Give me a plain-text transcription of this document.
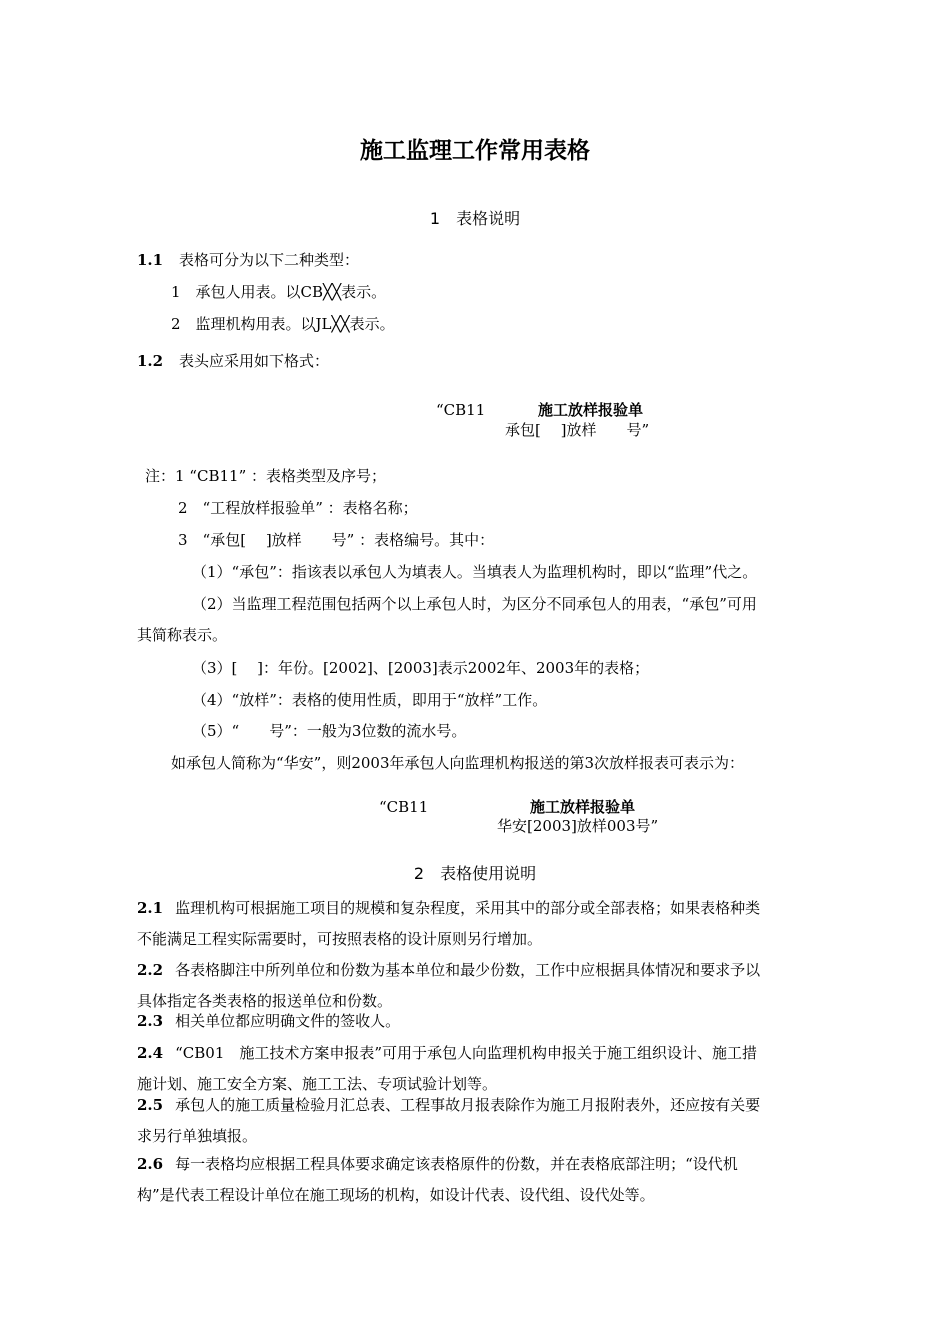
施工监理工作常用表格
1　表格说明
1.1 表格可分为以下二种类型：
1　承包人用表。以CB╳╳表示。
2　监理机构用表。以JL╳╳表示。
1.2 表头应采用如下格式：
“CB11	施工放样报验单
承包[　 ]放样　　号”
注：1 “CB11” ：表格类型及序号；
2　“工程放样报验单” ：表格名称；
3　“承包[　 ]放样　　号” ：表格编号。其中：
（1）“承包”：指该表以承包人为填表人。当填表人为监理机构时，即以“监理”代之。
（2）当监理工程范围包括两个以上承包人时，为区分不同承包人的用表，“承包”可用
其简称表示。
（3）[　 ]：年份。[2002]、[2003]表示2002年、2003年的表格；
（4）“放样”：表格的使用性质，即用于“放样”工作。
（5）“　　号”：一般为3位数的流水号。
如承包人简称为“华安”，则2003年承包人向监理机构报送的第3次放样报表可表示为：
“CB11	施工放样报验单
华安[2003]放样003号”
2　表格使用说明
2.1 监理机构可根据施工项目的规模和复杂程度，采用其中的部分或全部表格；如果表格种类
不能满足工程实际需要时，可按照表格的设计原则另行增加。
2.2 各表格脚注中所列单位和份数为基本单位和最少份数，工作中应根据具体情况和要求予以
具体指定各类表格的报送单位和份数。
2.3 相关单位都应明确文件的签收人。
2.4 “CB01　施工技术方案申报表”可用于承包人向监理机构申报关于施工组织设计、施工措
施计划、施工安全方案、施工工法、专项试验计划等。
2.5 承包人的施工质量检验月汇总表、工程事故月报表除作为施工月报附表外，还应按有关要
求另行单独填报。
2.6 每一表格均应根据工程具体要求确定该表格原件的份数，并在表格底部注明；“设代机
构”是代表工程设计单位在施工现场的机构，如设计代表、设代组、设代处等。
